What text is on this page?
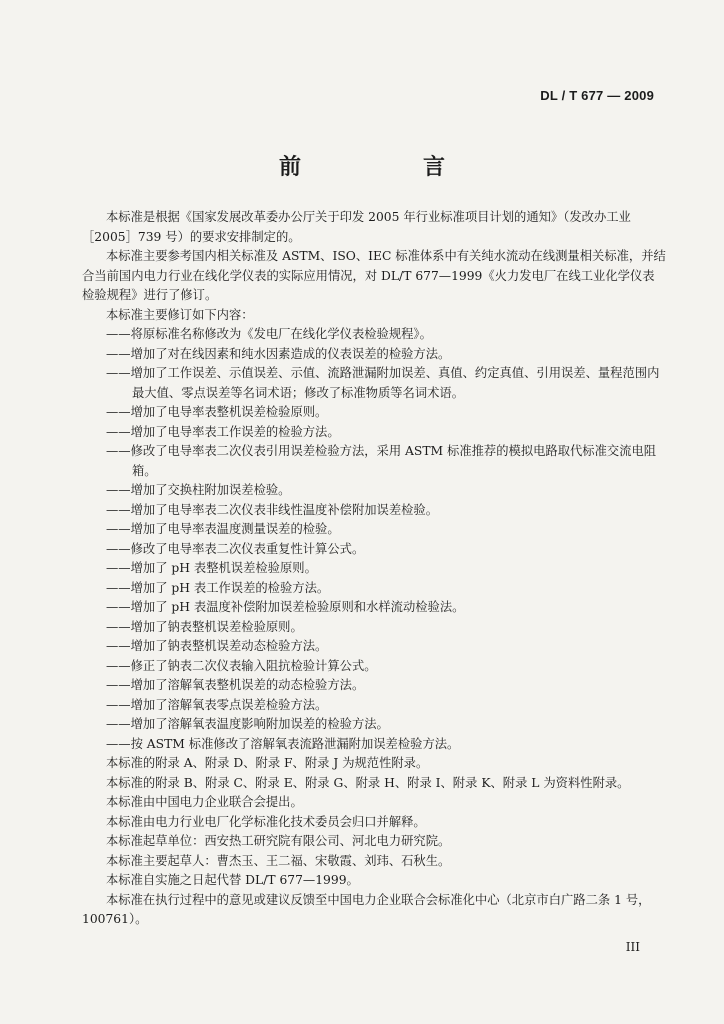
DL / T 677 — 2009
前　言

本标准是根据《国家发展改革委办公厅关于印发 2005 年行业标准项目计划的通知》（发改办工业［2005］739 号）的要求安排制定的。

本标准主要参考国内相关标准及 ASTM、ISO、IEC 标准体系中有关纯水流动在线测量相关标准，并结合当前国内电力行业在线化学仪表的实际应用情况，对 DL/T 677—1999《火力发电厂在线工业化学仪表检验规程》进行了修订。

本标准主要修订如下内容：

——将原标准名称修改为《发电厂在线化学仪表检验规程》。

——增加了对在线因素和纯水因素造成的仪表误差的检验方法。

——增加了工作误差、示值误差、示值、流路泄漏附加误差、真值、约定真值、引用误差、量程范围内最大值、零点误差等名词术语；修改了标准物质等名词术语。

——增加了电导率表整机误差检验原则。

——增加了电导率表工作误差的检验方法。

——修改了电导率表二次仪表引用误差检验方法，采用 ASTM 标准推荐的模拟电路取代标准交流电阻箱。

——增加了交换柱附加误差检验。

——增加了电导率表二次仪表非线性温度补偿附加误差检验。

——增加了电导率表温度测量误差的检验。

——修改了电导率表二次仪表重复性计算公式。

——增加了 pH 表整机误差检验原则。

——增加了 pH 表工作误差的检验方法。

——增加了 pH 表温度补偿附加误差检验原则和水样流动检验法。

——增加了钠表整机误差检验原则。

——增加了钠表整机误差动态检验方法。

——修正了钠表二次仪表输入阻抗检验计算公式。

——增加了溶解氧表整机误差的动态检验方法。

——增加了溶解氧表零点误差检验方法。

——增加了溶解氧表温度影响附加误差的检验方法。

——按 ASTM 标准修改了溶解氧表流路泄漏附加误差检验方法。

本标准的附录 A、附录 D、附录 F、附录 J 为规范性附录。

本标准的附录 B、附录 C、附录 E、附录 G、附录 H、附录 I、附录 K、附录 L 为资料性附录。

本标准由中国电力企业联合会提出。

本标准由电力行业电厂化学标准化技术委员会归口并解释。

本标准起草单位：西安热工研究院有限公司、河北电力研究院。

本标准主要起草人：曹杰玉、王二福、宋敬霞、刘玮、石秋生。

本标准自实施之日起代替 DL/T 677—1999。

本标准在执行过程中的意见或建议反馈至中国电力企业联合会标准化中心（北京市白广路二条 1 号，100761）。

III
